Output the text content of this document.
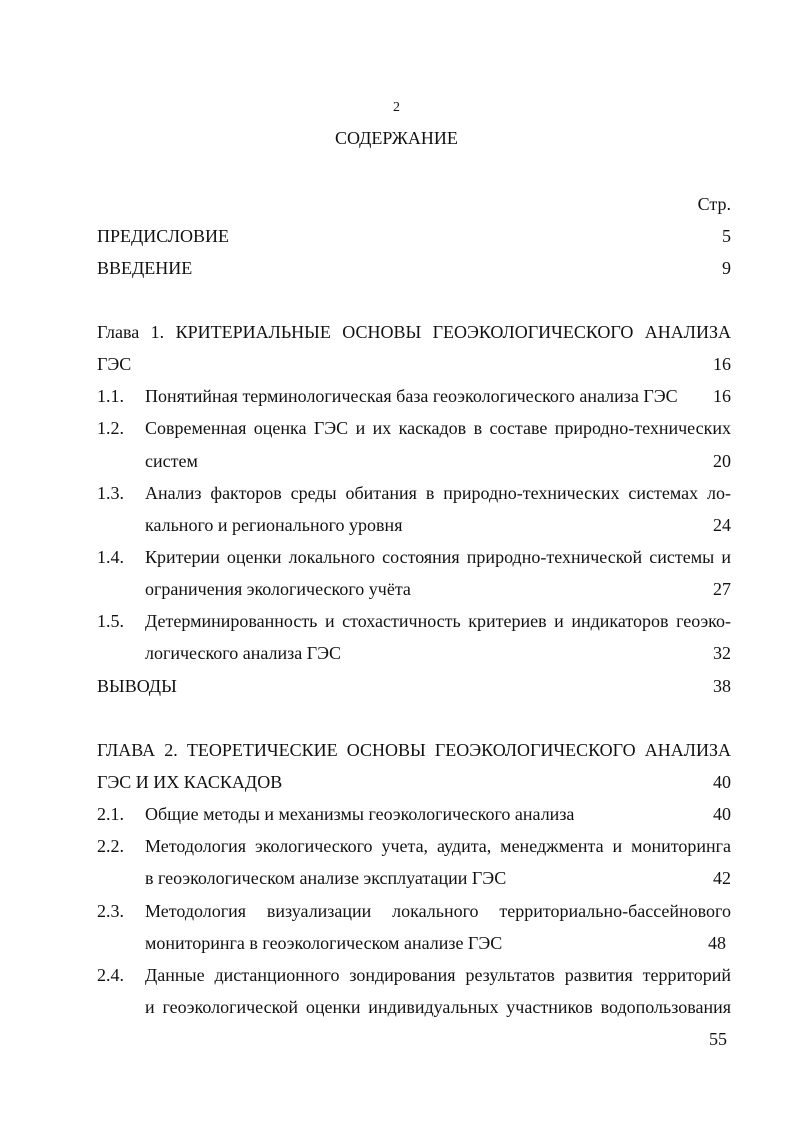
2
СОДЕРЖАНИЕ
Стр.
ПРЕДИСЛОВИЕ	5
ВВЕДЕНИЕ	9
Глава 1. КРИТЕРИАЛЬНЫЕ ОСНОВЫ ГЕОЭКОЛОГИЧЕСКОГО АНАЛИЗА
ГЭС	16
1.1. Понятийная терминологическая база геоэкологического анализа ГЭС	16
1.2. Современная оценка ГЭС и их каскадов в составе природно-технических
систем	20
1.3. Анализ факторов среды обитания в природно-технических системах ло-
кального и регионального уровня	24
1.4. Критерии оценки локального состояния природно-технической системы и
ограничения экологического учёта	27
1.5. Детерминированность и стохастичность критериев и индикаторов геоэко-
логического анализа ГЭС	32
ВЫВОДЫ	38
ГЛАВА 2. ТЕОРЕТИЧЕСКИЕ ОСНОВЫ ГЕОЭКОЛОГИЧЕСКОГО АНАЛИЗА
ГЭС И ИХ КАСКАДОВ	40
2.1. Общие методы и механизмы геоэкологического анализа	40
2.2. Методология экологического учета, аудита, менеджмента и мониторинга
в геоэкологическом анализе эксплуатации ГЭС	42
2.3. Методология визуализации локального территориально-бассейнового
мониторинга в геоэкологическом анализе ГЭС	48
2.4. Данные дистанционного зондирования результатов развития территорий
и геоэкологической оценки индивидуальных участников водопользования
55
